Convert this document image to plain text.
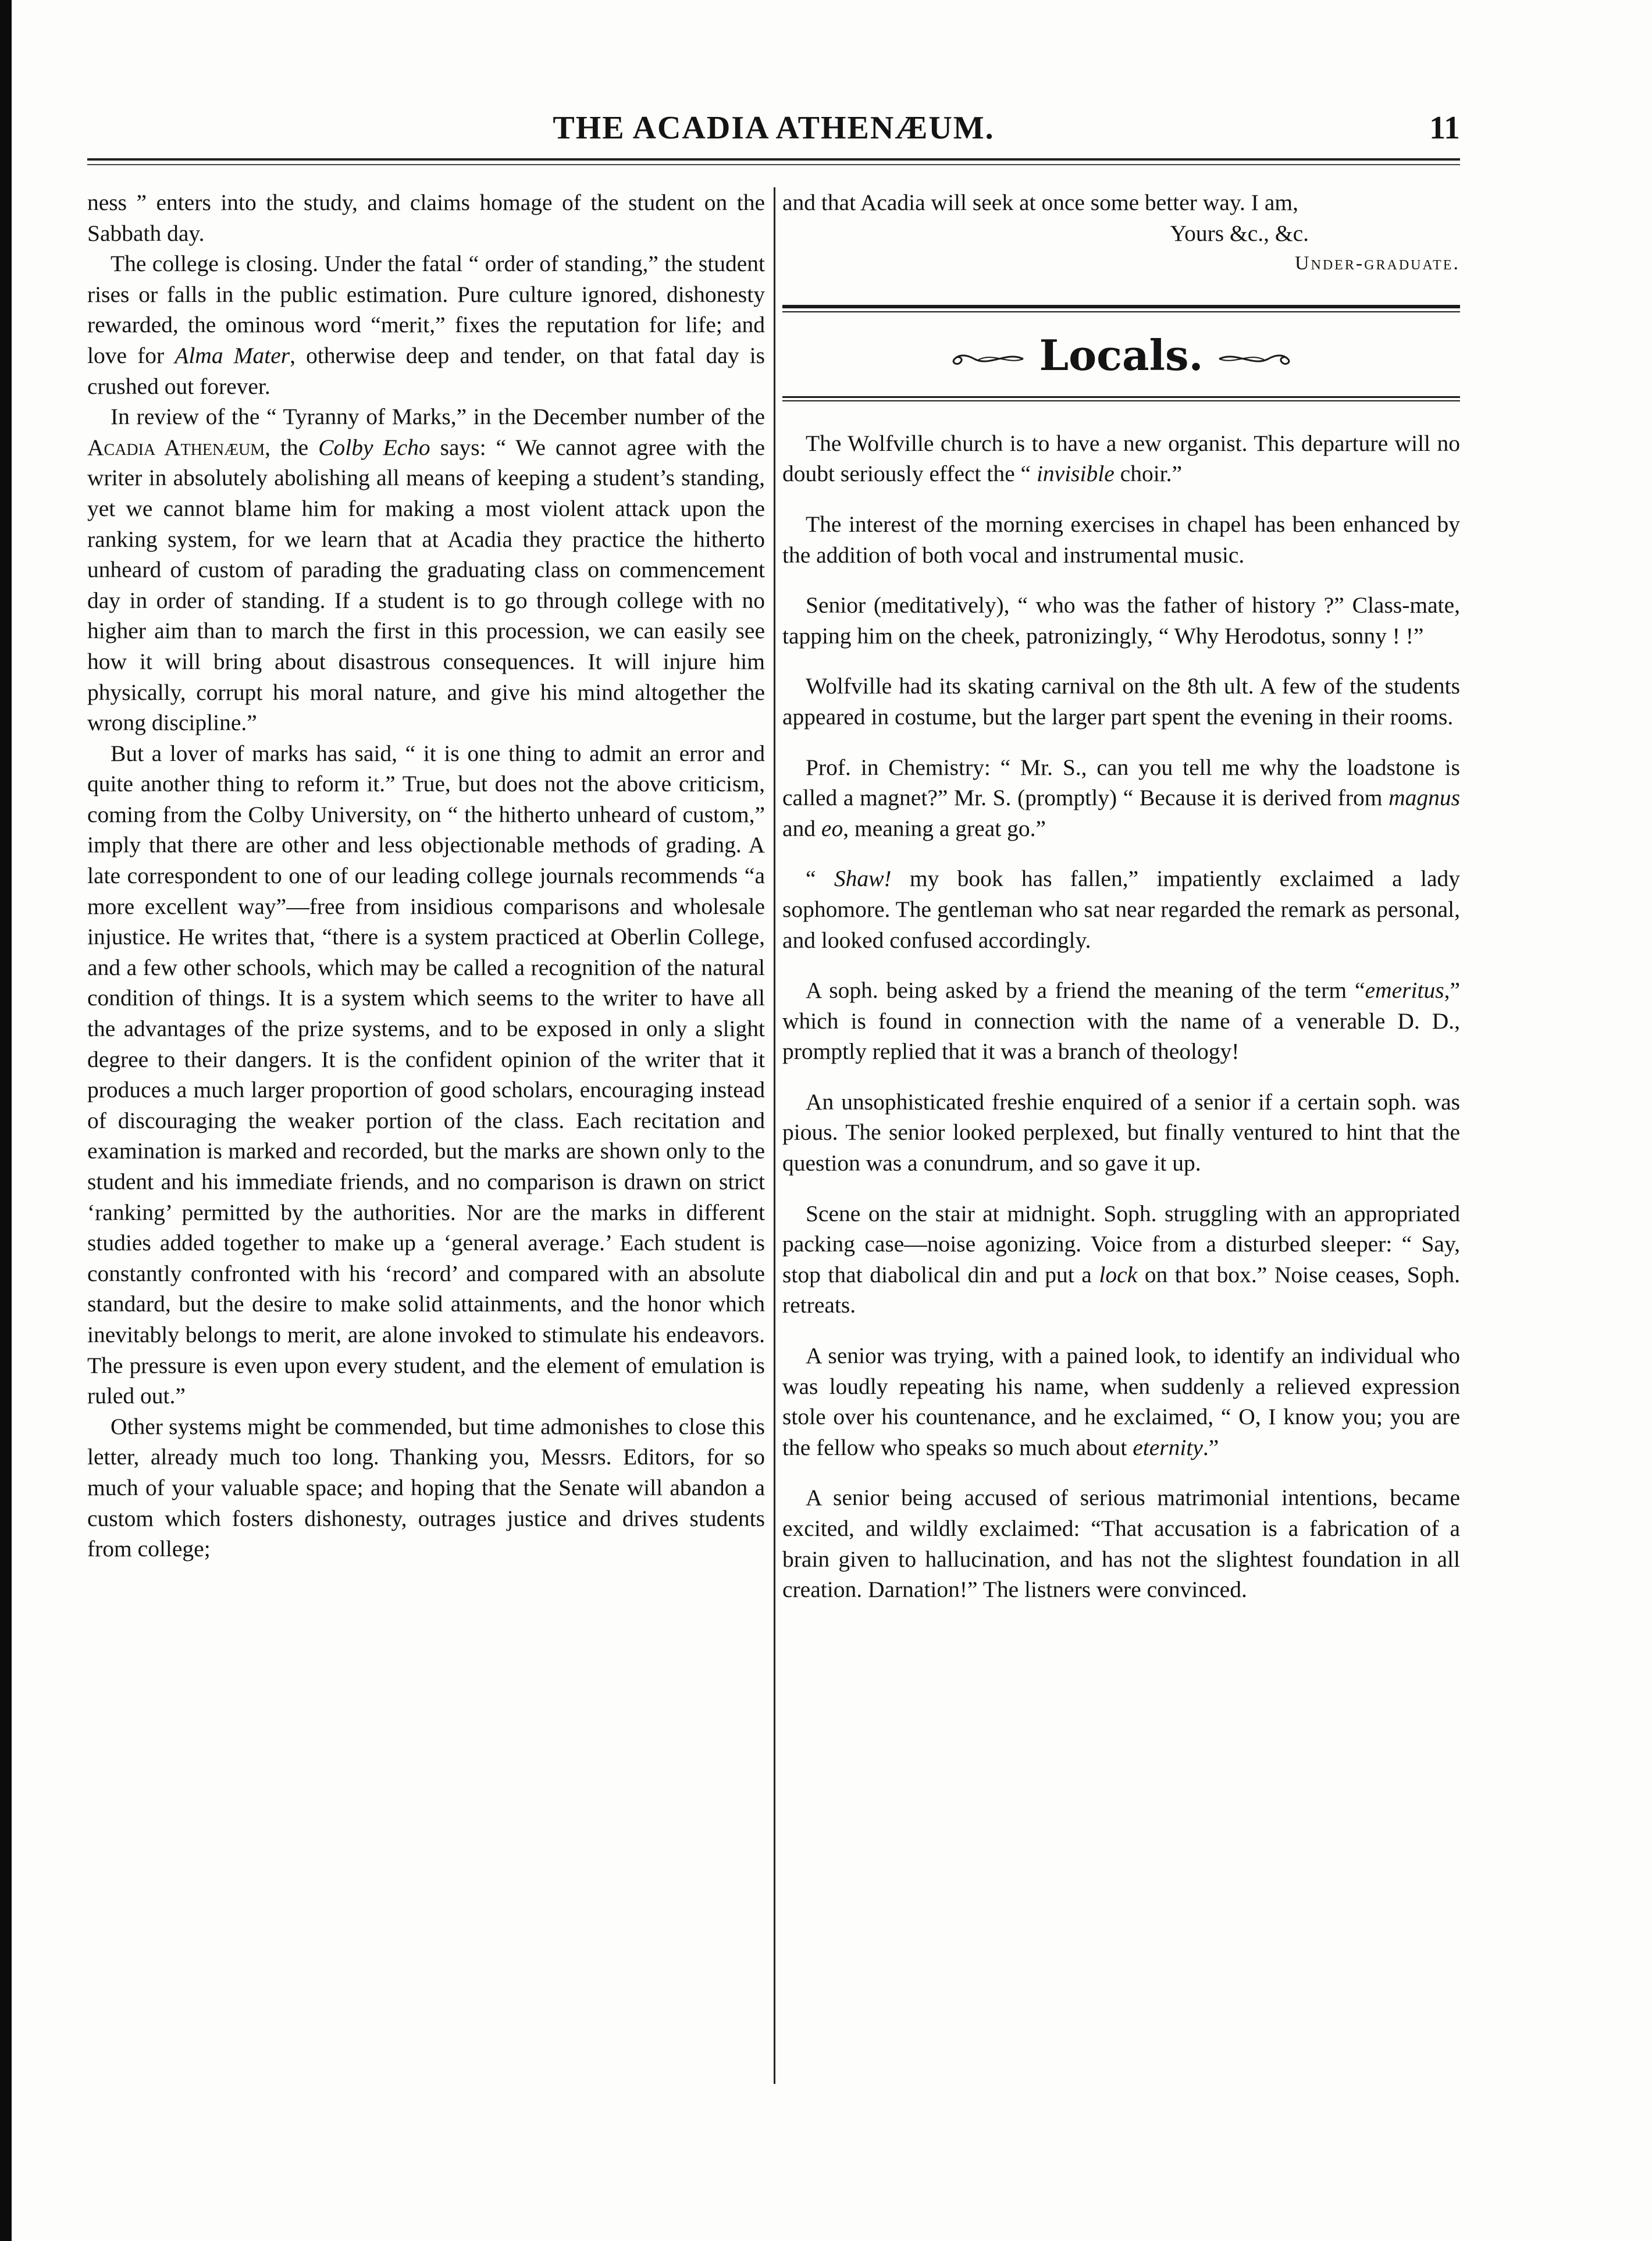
THE ACADIA ATHENÆUM.	11

ness ” enters into the study, and claims homage of the student on the Sabbath day.

The college is closing. Under the fatal “ order of standing,” the student rises or falls in the public estimation. Pure culture ignored, dishonesty rewarded, the ominous word “merit,” fixes the reputation for life; and love for Alma Mater, otherwise deep and tender, on that fatal day is crushed out forever.

In review of the “ Tyranny of Marks,” in the December number of the Acadia Athenæum, the Colby Echo says: “ We cannot agree with the writer in absolutely abolishing all means of keeping a student’s standing, yet we cannot blame him for making a most violent attack upon the ranking system, for we learn that at Acadia they practice the hitherto unheard of custom of parading the graduating class on commencement day in order of standing. If a student is to go through college with no higher aim than to march the first in this procession, we can easily see how it will bring about disastrous consequences. It will injure him physically, corrupt his moral nature, and give his mind altogether the wrong discipline.”

But a lover of marks has said, “ it is one thing to admit an error and quite another thing to reform it.” True, but does not the above criticism, coming from the Colby University, on “ the hitherto unheard of custom,” imply that there are other and less objectionable methods of grading. A late correspondent to one of our leading college journals recommends “a more excellent way”—free from insidious comparisons and wholesale injustice. He writes that, “there is a system practiced at Oberlin College, and a few other schools, which may be called a recognition of the natural condition of things. It is a system which seems to the writer to have all the advantages of the prize systems, and to be exposed in only a slight degree to their dangers. It is the confident opinion of the writer that it produces a much larger proportion of good scholars, encouraging instead of discouraging the weaker portion of the class. Each recitation and examination is marked and recorded, but the marks are shown only to the student and his immediate friends, and no comparison is drawn on strict ‘ranking’ permitted by the authorities. Nor are the marks in different studies added together to make up a ‘general average.’ Each student is constantly confronted with his ‘record’ and compared with an absolute standard, but the desire to make solid attainments, and the honor which inevitably belongs to merit, are alone invoked to stimulate his endeavors. The pressure is even upon every student, and the element of emulation is ruled out.”

Other systems might be commended, but time admonishes to close this letter, already much too long. Thanking you, Messrs. Editors, for so much of your valuable space; and hoping that the Senate will abandon a custom which fosters dishonesty, outrages justice and drives students from college;

and that Acadia will seek at once some better way. I am,

Yours &c., &c.
Under-graduate.
Locals.

The Wolfville church is to have a new organist. This departure will no doubt seriously effect the “ invisible choir.”

The interest of the morning exercises in chapel has been enhanced by the addition of both vocal and instrumental music.

Senior (meditatively), “ who was the father of history ?” Class-mate, tapping him on the cheek, patronizingly, “ Why Herodotus, sonny ! !”

Wolfville had its skating carnival on the 8th ult. A few of the students appeared in costume, but the larger part spent the evening in their rooms.

Prof. in Chemistry: “ Mr. S., can you tell me why the loadstone is called a magnet?” Mr. S. (promptly) “ Because it is derived from magnus and eo, meaning a great go.”

“ Shaw! my book has fallen,” impatiently exclaimed a lady sophomore. The gentleman who sat near regarded the remark as personal, and looked confused accordingly.

A soph. being asked by a friend the meaning of the term “emeritus,” which is found in connection with the name of a venerable D. D., promptly replied that it was a branch of theology!

An unsophisticated freshie enquired of a senior if a certain soph. was pious. The senior looked perplexed, but finally ventured to hint that the question was a conundrum, and so gave it up.

Scene on the stair at midnight. Soph. struggling with an appropriated packing case—noise agonizing. Voice from a disturbed sleeper: “ Say, stop that diabolical din and put a lock on that box.” Noise ceases, Soph. retreats.

A senior was trying, with a pained look, to identify an individual who was loudly repeating his name, when suddenly a relieved expression stole over his countenance, and he exclaimed, “ O, I know you; you are the fellow who speaks so much about eternity.”

A senior being accused of serious matrimonial intentions, became excited, and wildly exclaimed: “That accusation is a fabrication of a brain given to hallucination, and has not the slightest foundation in all creation. Darnation!” The listners were convinced.
